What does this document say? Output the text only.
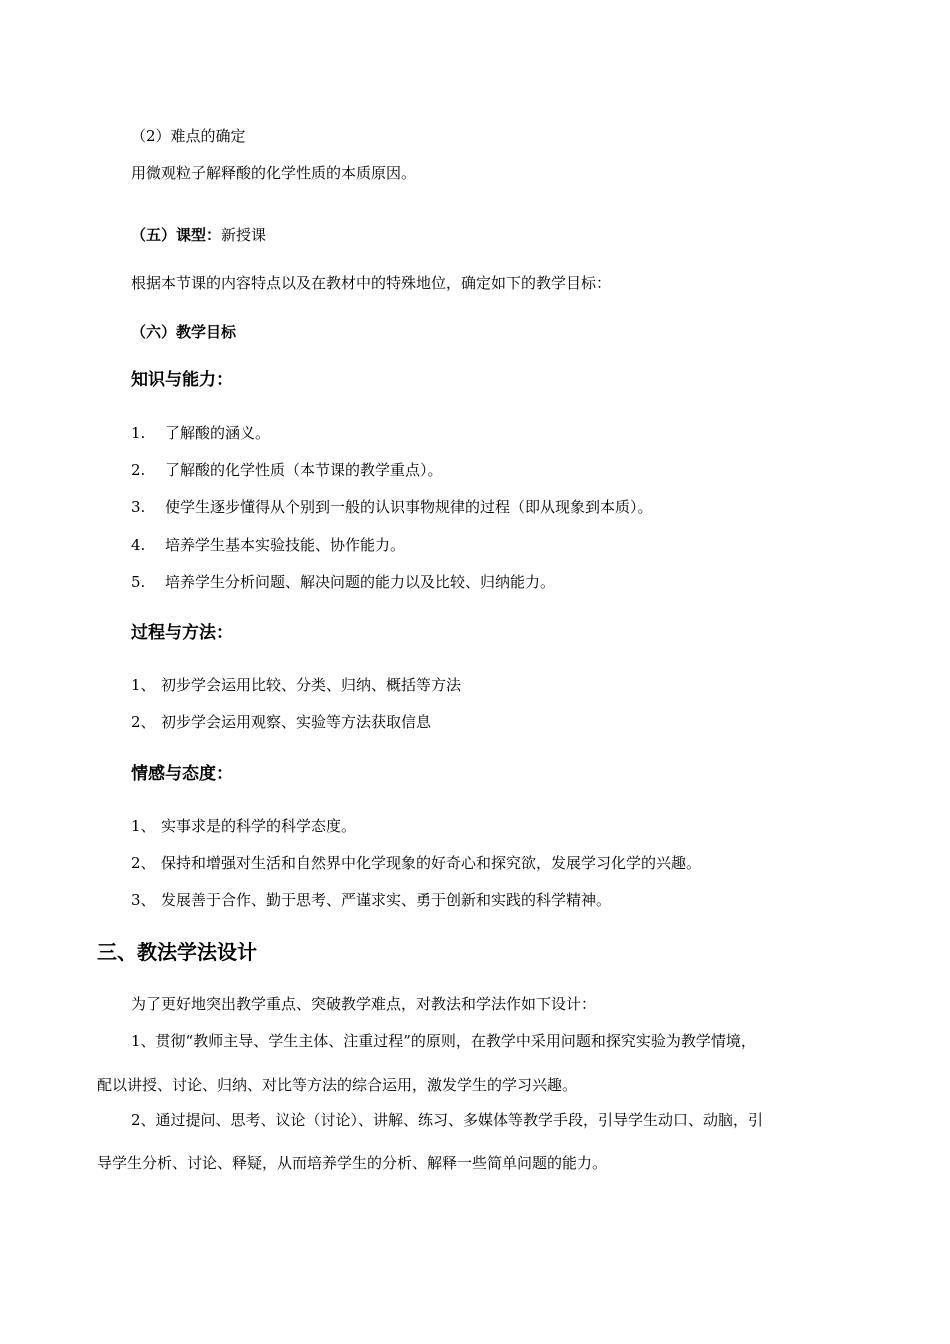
（2）难点的确定
用微观粒子解释酸的化学性质的本质原因。
（五）课型：新授课
根据本节课的内容特点以及在教材中的特殊地位，确定如下的教学目标：
（六）教学目标
知识与能力：
1. 了解酸的涵义。
2. 了解酸的化学性质（本节课的教学重点）。
3. 使学生逐步懂得从个别到一般的认识事物规律的过程（即从现象到本质）。
4. 培养学生基本实验技能、协作能力。
5. 培养学生分析问题、解决问题的能力以及比较、归纳能力。
过程与方法：
1、 初步学会运用比较、分类、归纳、概括等方法
2、 初步学会运用观察、实验等方法获取信息
情感与态度：
1、 实事求是的科学的科学态度。
2、 保持和增强对生活和自然界中化学现象的好奇心和探究欲，发展学习化学的兴趣。
3、 发展善于合作、勤于思考、严谨求实、勇于创新和实践的科学精神。
三、教法学法设计
为了更好地突出教学重点、突破教学难点，对教法和学法作如下设计：
1、贯彻“教师主导、学生主体、注重过程”的原则，在教学中采用问题和探究实验为教学情境，
配以讲授、讨论、归纳、对比等方法的综合运用，激发学生的学习兴趣。
2、通过提问、思考、议论（讨论）、讲解、练习、多媒体等教学手段，引导学生动口、动脑，引
导学生分析、讨论、释疑，从而培养学生的分析、解释一些简单问题的能力。
